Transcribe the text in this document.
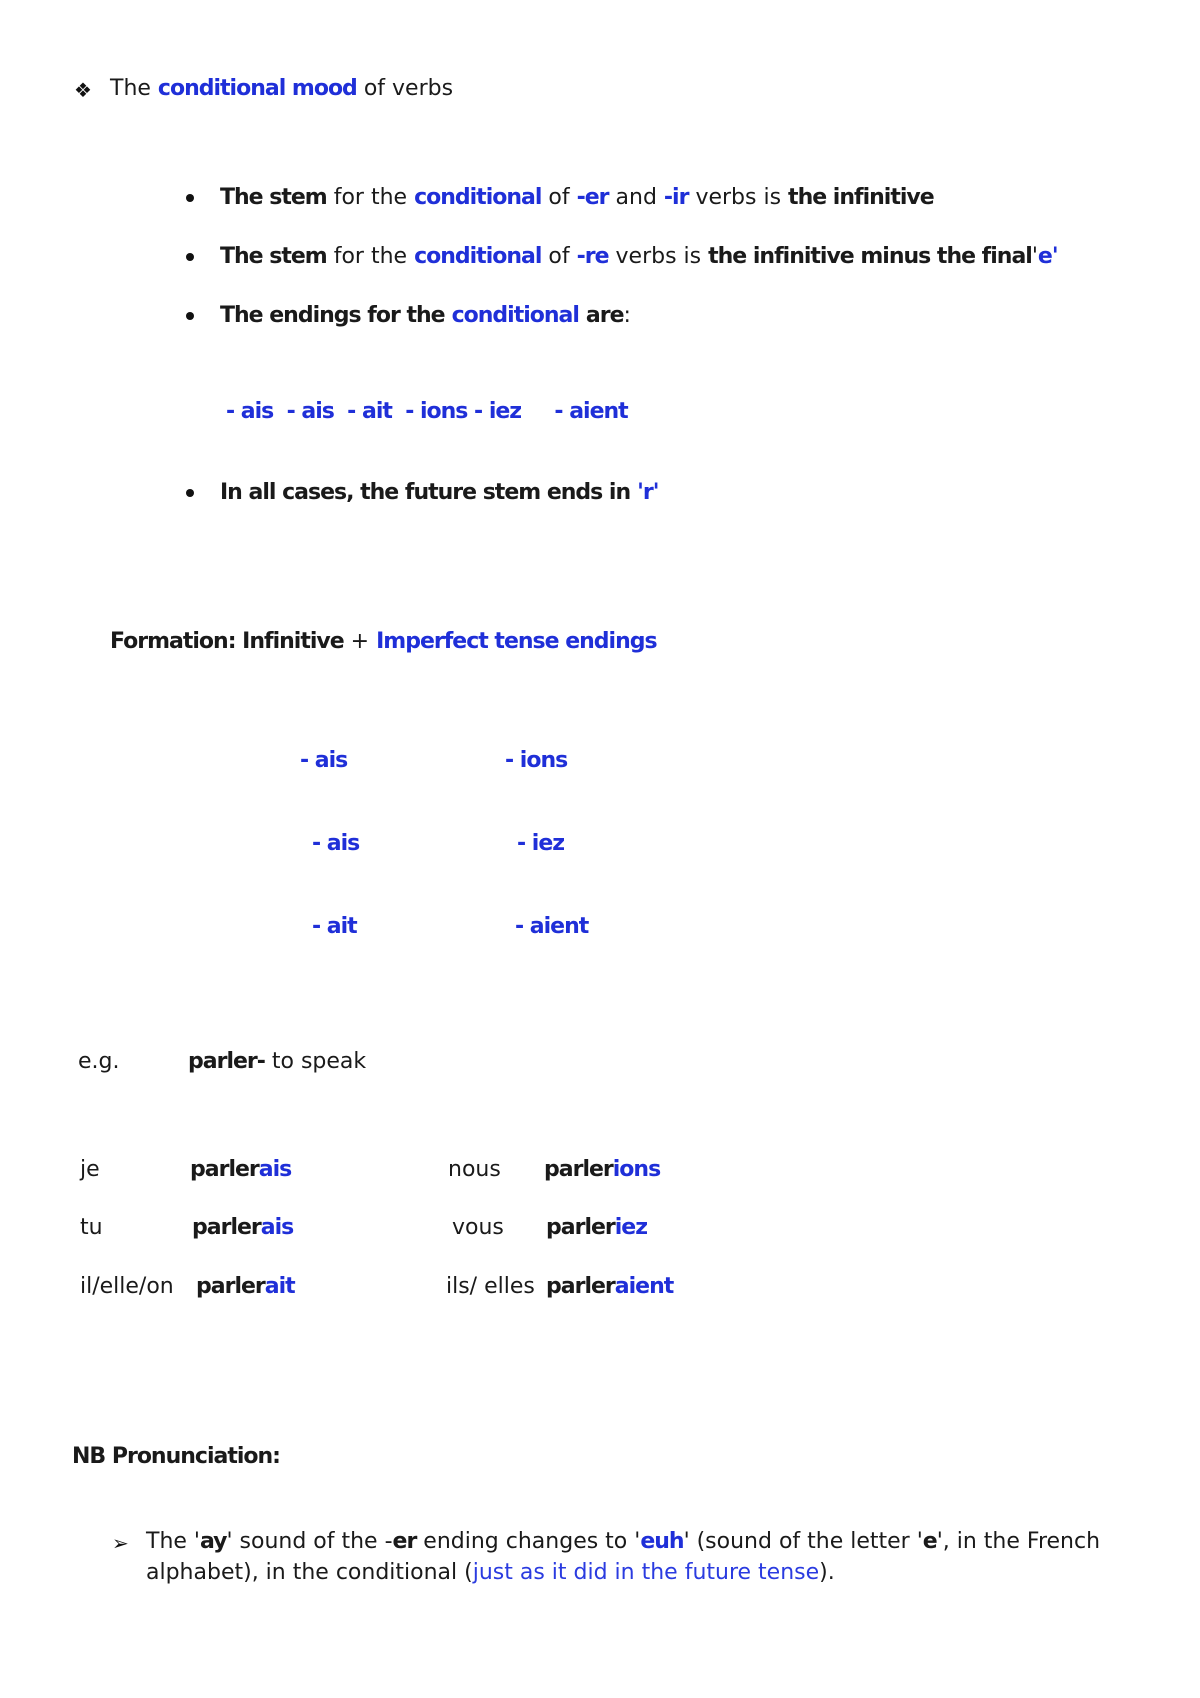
❖ The conditional mood of verbs
The stem for the conditional of -er and -ir verbs is the infinitive
The stem for the conditional of -re verbs is the infinitive minus the final'e'
The endings for the conditional are:
- ais  - ais  - ait  - ions - iez     - aient
In all cases, the future stem ends in 'r'
Formation: Infinitive + Imperfect tense endings
- ais	- ions
- ais	- iez
- ait	- aient
e.g.	parler- to speak
je	parlerais	nous parlerions
tu	parlerais	vous parleriez
il/elle/on parlerait	ils/ elles parleraient
NB Pronunciation:
➢ The 'ay' sound of the -er ending changes to 'euh' (sound of the letter 'e', in the French
alphabet), in the conditional (just as it did in the future tense).
